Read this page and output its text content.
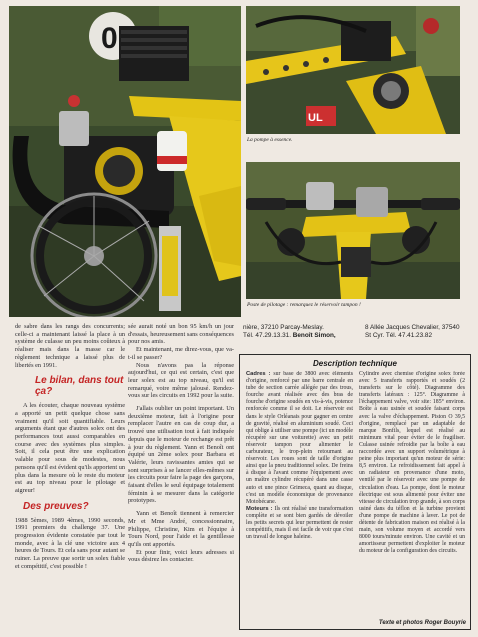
0
UL
La pompe à essence.
Poste de pilotage : remarquez le réservoir tampon !

de sabre dans les rangs des concurrents; celle-ci a maintenant laissé la place à un système de culasse un peu moins coûteux à réaliser mais dans la masse car le règlement technique a laissé plus de libertés en 1991.

Le bilan, dans tout ça?

A les écouter, chaque nouveau système a apporté un petit quelque chose sans vraiment qu'il soit quantifiable. Leurs arguments étant que d'autres solex ont des performances tout aussi comparables en course avec des systèmes plus simples. Soit, il cela peut être une explication valable pour sous de modestes, nous pensons qu'il est évident qu'ils apportent un plus dans la mesure où le reste du moteur est au top niveau pour le pilotage et aigreur!

Des preuves?

1988 5èmes, 1989 4èmes, 1990 seconds, 1991 premiers du challenge 37. Une progression évidente constatée par tout le monde, avec à la clé une victoire aux 4 heures de Tours. Et cela sans pour autant se ruiner. La preuve que sortir un solex fiable et compétitif, c'est possible !

sée aurait noté un bon 95 km/h un jour d'essais, heureusement sans conséquences pour nos amis.

Et maintenant, me direz-vous, que va-t-il se passer?

Nous n'avons pas la réponse aujourd'hui, ce qui est certain, c'est que leur solex est au top niveau, qu'il est remarqué, voire même jalousé. Rendez-vous sur les circuits en 1992 pour la suite.

J'allais oublier un point important. Un deuxième moteur, fait à l'origine pour remplacer l'autre en cas de coup dur, a trouvé une utilisation tout à fait indiquée depuis que le moteur de rechange est prêt à jour du règlement. Yann et Benoît ont équipé un 2ème solex pour Barbara et Valérie, leurs ravissantes amies qui se sont surprises à se lancer elles-mêmes sur les circuits pour faire la page des garçons, faisant d'elles le seul équipage totalement féminin à se mesurer dans la catégorie prototypes.

Yann et Benoît tiennent à remercier Mr et Mme André, concessionnaire, Philippe, Christine, Kim et l'équipe à Tours Nord, pour l'aide et la gentillesse qu'ils ont apportés.

Et pour finir, voici leurs adresses si vous désirez les contacter.

nière, 37210 Parcay-Meslay.
Tél. 47.29.13.31. Benoît Simon,
8 Allée Jacques Chevalier, 37540
St Cyr. Tél. 47.41.23.82
Description technique
Cadres : sur base de 3800 avec éléments d'origine, renforcé par une barre centrale en tube de section carrée allégée par des trous, fourche avant réalisée avec des bras de fourche d'origine soudés en vis-à-vis, potence renforcée comme il se doit. Le réservoir est dans le style Orléanais pour gagner en centre de gravité, réalisé en aluminium soudé. Ceci qui oblige à utiliser une pompe (ici un modèle récupéré sur une voiturette) avec un petit réservoir tampon pour alimenter le carburateur, le trop-plein retournant au réservoir. Les roues sont de taille d'origine ainsi que la pneu traditionnel solex. De freins à disque à l'avant comme l'équipement avec un maître cylindre récupéré dans une casse auto et une pince Grimeca, quant au disque, c'est un modèle économique de provenance Motobécane.
Moteurs : Ils ont réalisé une transformation complète et se sont bien gardés de dévoiler les petits secrets qui leur permettent de rester compétitifs, mais il est facile de voir que c'est un travail de longue haleine.
Cylindre avec chemise d'origine solex forée avec 5 transferts rapportés et soudés (2 transferts sur le côté). Diagramme des transferts latéraux : 125°. Diagramme à l'échappement valve, voir site: 185° environ. Boîte à eau usinée et soudée faisant corps avec la valve d'échappement. Piston O 39,5 d'origine, remplacé par un adaptable de marque Bonfils, lequel est réalisé au minimum vital pour éviter de le fragiliser. Culasse usinée refroidie par la boîte à eau raccordée avec un support volumétrique à peine plus important qu'un moteur de série: 8,5 environ. Le refroidissement fait appel à un radiateur en provenance d'une moto, ventilé par le réservoir avec une pompe de circulation d'eau. La pompe, dont le moteur électrique est sous alimenté pour éviter une vitesse de circulation trop grande, à son corps usiné dans du téflon et la turbine provient d'une pompe de machine à laver. Le pot de détente de fabrication maison est réalisé à la main, son volume moyen et accordé vers 8000 tours/minute environ. Une cavité et un amortisseur permettent d'exploiter le moteur du moteur de la configuration des circuits.
Texte et photos Roger Bouyrie
